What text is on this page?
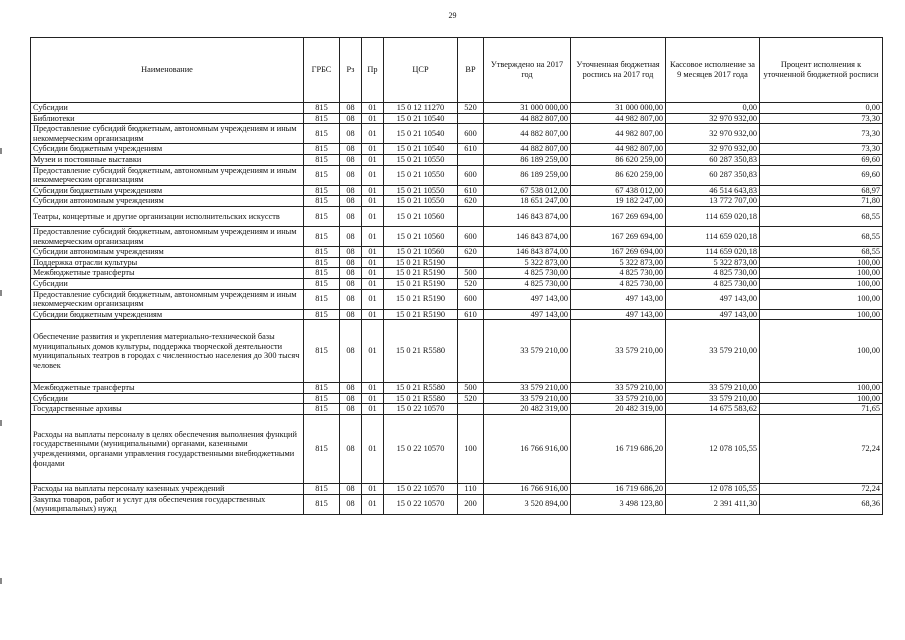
29
Наименование	ГРБС	Рз	Пр	ЦСР	ВР	Утверждено на 2017 год	Уточненная бюджетная роспись на 2017 год	Кассовое исполнение за 9 месяцев 2017 года	Процент исполнения к уточненной бюджетной росписи
Субсидии	815	08	01	15 0 12 11270	520	31 000 000,00	31 000 000,00	0,00	0,00
Библиотеки	815	08	01	15 0 21 10540		44 882 807,00	44 982 807,00	32 970 932,00	73,30
Предоставление субсидий бюджетным, автономным учреждениям и иным некоммерческим организациям	815	08	01	15 0 21 10540	600	44 882 807,00	44 982 807,00	32 970 932,00	73,30
Субсидии бюджетным учреждениям	815	08	01	15 0 21 10540	610	44 882 807,00	44 982 807,00	32 970 932,00	73,30
Музеи и постоянные выставки	815	08	01	15 0 21 10550		86 189 259,00	86 620 259,00	60 287 350,83	69,60
Предоставление субсидий бюджетным, автономным учреждениям и иным некоммерческим организациям	815	08	01	15 0 21 10550	600	86 189 259,00	86 620 259,00	60 287 350,83	69,60
Субсидии бюджетным учреждениям	815	08	01	15 0 21 10550	610	67 538 012,00	67 438 012,00	46 514 643,83	68,97
Субсидии автономным учреждениям	815	08	01	15 0 21 10550	620	18 651 247,00	19 182 247,00	13 772 707,00	71,80
Театры, концертные и другие организации исполнительских искусств	815	08	01	15 0 21 10560		146 843 874,00	167 269 694,00	114 659 020,18	68,55
Предоставление субсидий бюджетным, автономным учреждениям и иным некоммерческим организациям	815	08	01	15 0 21 10560	600	146 843 874,00	167 269 694,00	114 659 020,18	68,55
Субсидии автономным учреждениям	815	08	01	15 0 21 10560	620	146 843 874,00	167 269 694,00	114 659 020,18	68,55
Поддержка отрасли культуры	815	08	01	15 0 21 R5190		5 322 873,00	5 322 873,00	5 322 873,00	100,00
Межбюджетные трансферты	815	08	01	15 0 21 R5190	500	4 825 730,00	4 825 730,00	4 825 730,00	100,00
Субсидии	815	08	01	15 0 21 R5190	520	4 825 730,00	4 825 730,00	4 825 730,00	100,00
Предоставление субсидий бюджетным, автономным учреждениям и иным некоммерческим организациям	815	08	01	15 0 21 R5190	600	497 143,00	497 143,00	497 143,00	100,00
Субсидии бюджетным учреждениям	815	08	01	15 0 21 R5190	610	497 143,00	497 143,00	497 143,00	100,00
Обеспечение развития и укрепления материально-технической базы муниципальных домов культуры, поддержка творческой деятельности муниципальных театров в городах с численностью населения до 300 тысяч человек	815	08	01	15 0 21 R5580		33 579 210,00	33 579 210,00	33 579 210,00	100,00
Межбюджетные трансферты	815	08	01	15 0 21 R5580	500	33 579 210,00	33 579 210,00	33 579 210,00	100,00
Субсидии	815	08	01	15 0 21 R5580	520	33 579 210,00	33 579 210,00	33 579 210,00	100,00
Государственные архивы	815	08	01	15 0 22 10570		20 482 319,00	20 482 319,00	14 675 583,62	71,65
Расходы на выплаты персоналу в целях обеспечения выполнения функций государственными (муниципальными) органами, казенными учреждениями, органами управления государственными внебюджетными фондами	815	08	01	15 0 22 10570	100	16 766 916,00	16 719 686,20	12 078 105,55	72,24
Расходы на выплаты персоналу казенных учреждений	815	08	01	15 0 22 10570	110	16 766 916,00	16 719 686,20	12 078 105,55	72,24
Закупка товаров, работ и услуг для обеспечения государственных (муниципальных) нужд	815	08	01	15 0 22 10570	200	3 520 894,00	3 498 123,80	2 391 411,30	68,36
